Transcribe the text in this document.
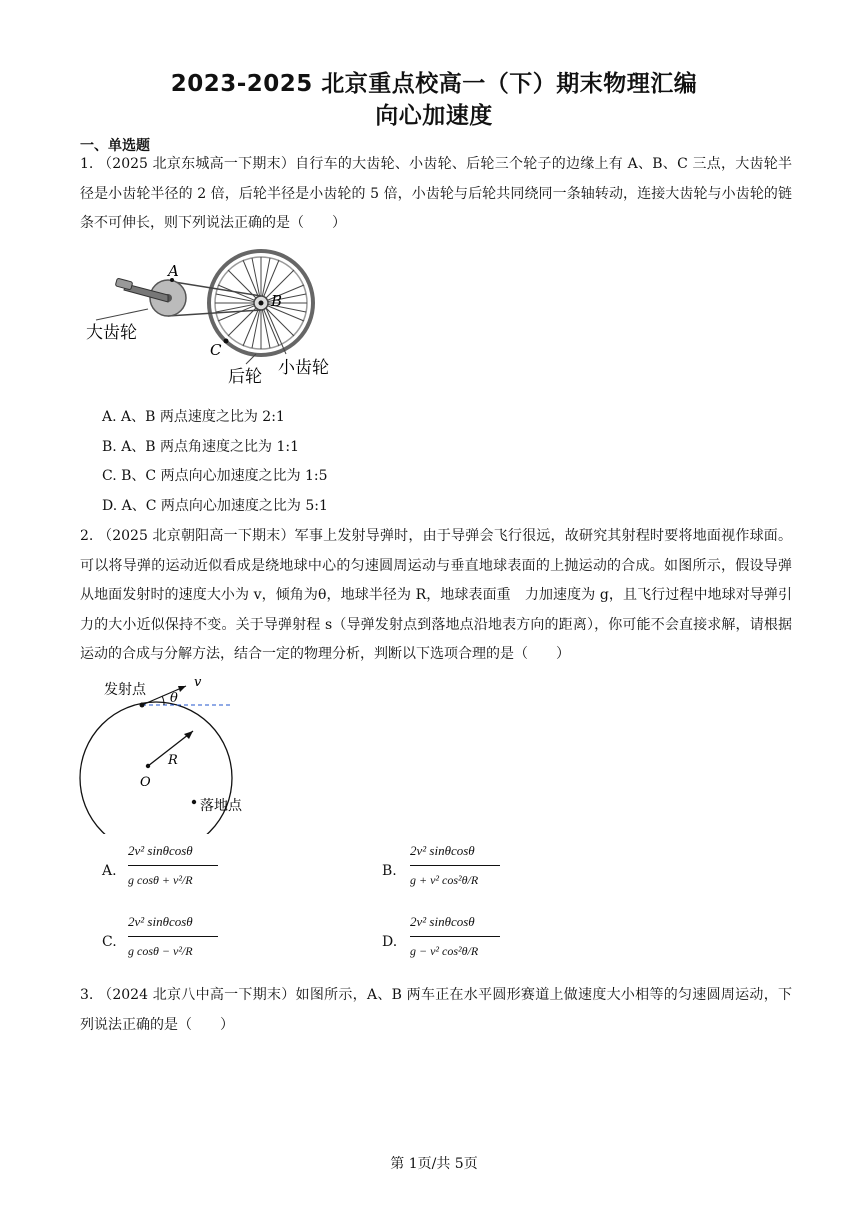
2023-2025 北京重点校高一（下）期末物理汇编
向心加速度
一、单选题
1. （2025 北京东城高一下期末）自行车的大齿轮、小齿轮、后轮三个轮子的边缘上有 A、B、C 三点，大齿轮半径是小齿轮半径的 2 倍，后轮半径是小齿轮的 5 倍，小齿轮与后轮共同绕同一条轴转动，连接大齿轮与小齿轮的链条不可伸长，则下列说法正确的是（　　）
A
B
C
大齿轮
后轮 小齿轮
A. A、B 两点速度之比为 2:1
B. A、B 两点角速度之比为 1:1
C. B、C 两点向心加速度之比为 1:5
D. A、C 两点向心加速度之比为 5:1
2. （2025 北京朝阳高一下期末）军事上发射导弹时，由于导弹会飞行很远，故研究其射程时要将地面视作球面。可以将导弹的运动近似看成是绕地球中心的匀速圆周运动与垂直地球表面的上抛运动的合成。如图所示，假设导弹从地面发射时的速度大小为 v，倾角为θ，地球半径为 R，地球表面重　力加速度为 g，且飞行过程中地球对导弹引力的大小近似保持不变。关于导弹射程 s（导弹发射点到落地点沿地表方向的距离），你可能不会直接求解，请根据运动的合成与分解方法，结合一定的物理分析，判断以下选项合理的是（　　）
发射点	v
θ
R
O
落地点
A.
2v² sinθcosθ
g cosθ + v²/R
B.
2v² sinθcosθ
g + v² cos²θ/R
C.
2v² sinθcosθ
g cosθ − v²/R
D.
2v² sinθcosθ
g − v² cos²θ/R
3. （2024 北京八中高一下期末）如图所示，A、B 两车正在水平圆形赛道上做速度大小相等的匀速圆周运动，下列说法正确的是（　　）
第 1页/共 5页
